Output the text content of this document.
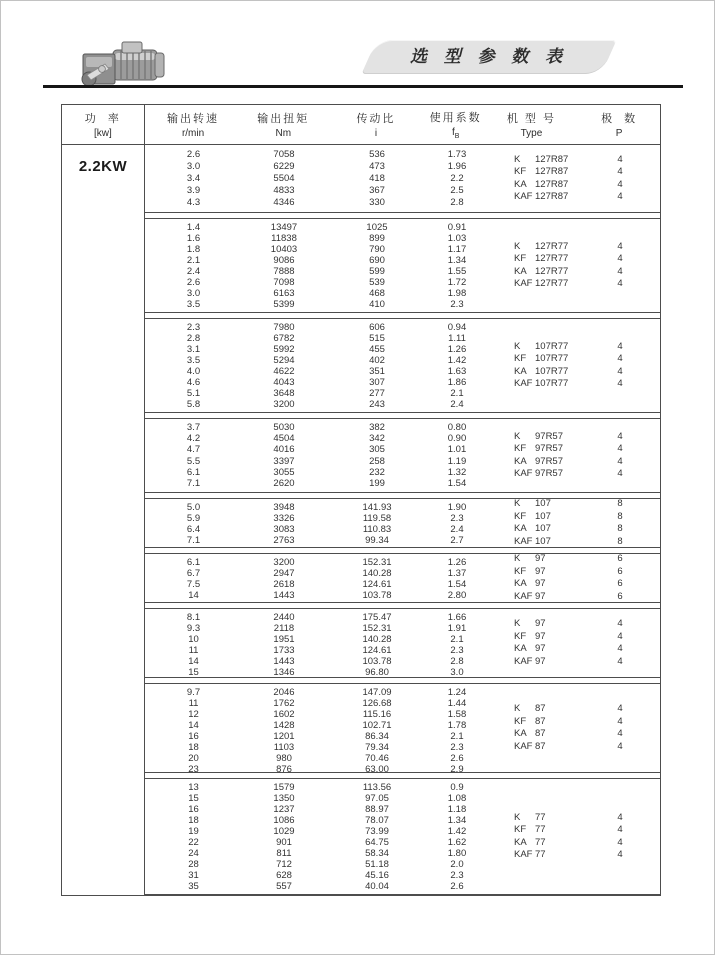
选 型 参 数 表
功  率
[kw]
输出转速
r/min
输出扭矩
Nm
传动比
i
使用系数
$f_B$
机 型 号
Type
极  数
P
2.2KW
2.6
3.0
3.4
3.9
4.3
7058
6229
5504
4833
4346
536
473
418
367
330
1.73
1.96
2.2
2.5
2.8
K 127R87
KF 127R87
KA 127R87
KAF 127R87
4
4
4
4
1.4
1.6
1.8
2.1
2.4
2.6
3.0
3.5
13497
11838
10403
9086
7888
7098
6163
5399
1025
899
790
690
599
539
468
410
0.91
1.03
1.17
1.34
1.55
1.72
1.98
2.3
K 127R77
KF 127R77
KA 127R77
KAF 127R77
4
4
4
4
2.3
2.8
3.1
3.5
4.0
4.6
5.1
5.8
7980
6782
5992
5294
4622
4043
3648
3200
606
515
455
402
351
307
277
243
0.94
1.11
1.26
1.42
1.63
1.86
2.1
2.4
K 107R77
KF 107R77
KA 107R77
KAF 107R77
4
4
4
4
3.7
4.2
4.7
5.5
6.1
7.1
5030
4504
4016
3397
3055
2620
382
342
305
258
232
199
0.80
0.90
1.01
1.19
1.32
1.54
K 97R57
KF 97R57
KA 97R57
KAF 97R57
4
4
4
4
5.0
5.9
6.4
7.1
3948
3326
3083
2763
141.93
119.58
110.83
99.34
1.90
2.3
2.4
2.7
K 107
KF 107
KA 107
KAF 107
8
8
8
8
6.1
6.7
7.5
14
3200
2947
2618
1443
152.31
140.28
124.61
103.78
1.26
1.37
1.54
2.80
K 97
KF 97
KA 97
KAF 97
6
6
6
6
8.1
9.3
10
11
14
15
2440
2118
1951
1733
1443
1346
175.47
152.31
140.28
124.61
103.78
96.80
1.66
1.91
2.1
2.3
2.8
3.0
K 97
KF 97
KA 97
KAF 97
4
4
4
4
9.7
11
12
14
16
18
20
23
2046
1762
1602
1428
1201
1103
980
876
147.09
126.68
115.16
102.71
86.34
79.34
70.46
63.00
1.24
1.44
1.58
1.78
2.1
2.3
2.6
2.9
K 87
KF 87
KA 87
KAF 87
4
4
4
4
13
15
16
18
19
22
24
28
31
35
1579
1350
1237
1086
1029
901
811
712
628
557
113.56
97.05
88.97
78.07
73.99
64.75
58.34
51.18
45.16
40.04
0.9
1.08
1.18
1.34
1.42
1.62
1.80
2.0
2.3
2.6
K 77
KF 77
KA 77
KAF 77
4
4
4
4
